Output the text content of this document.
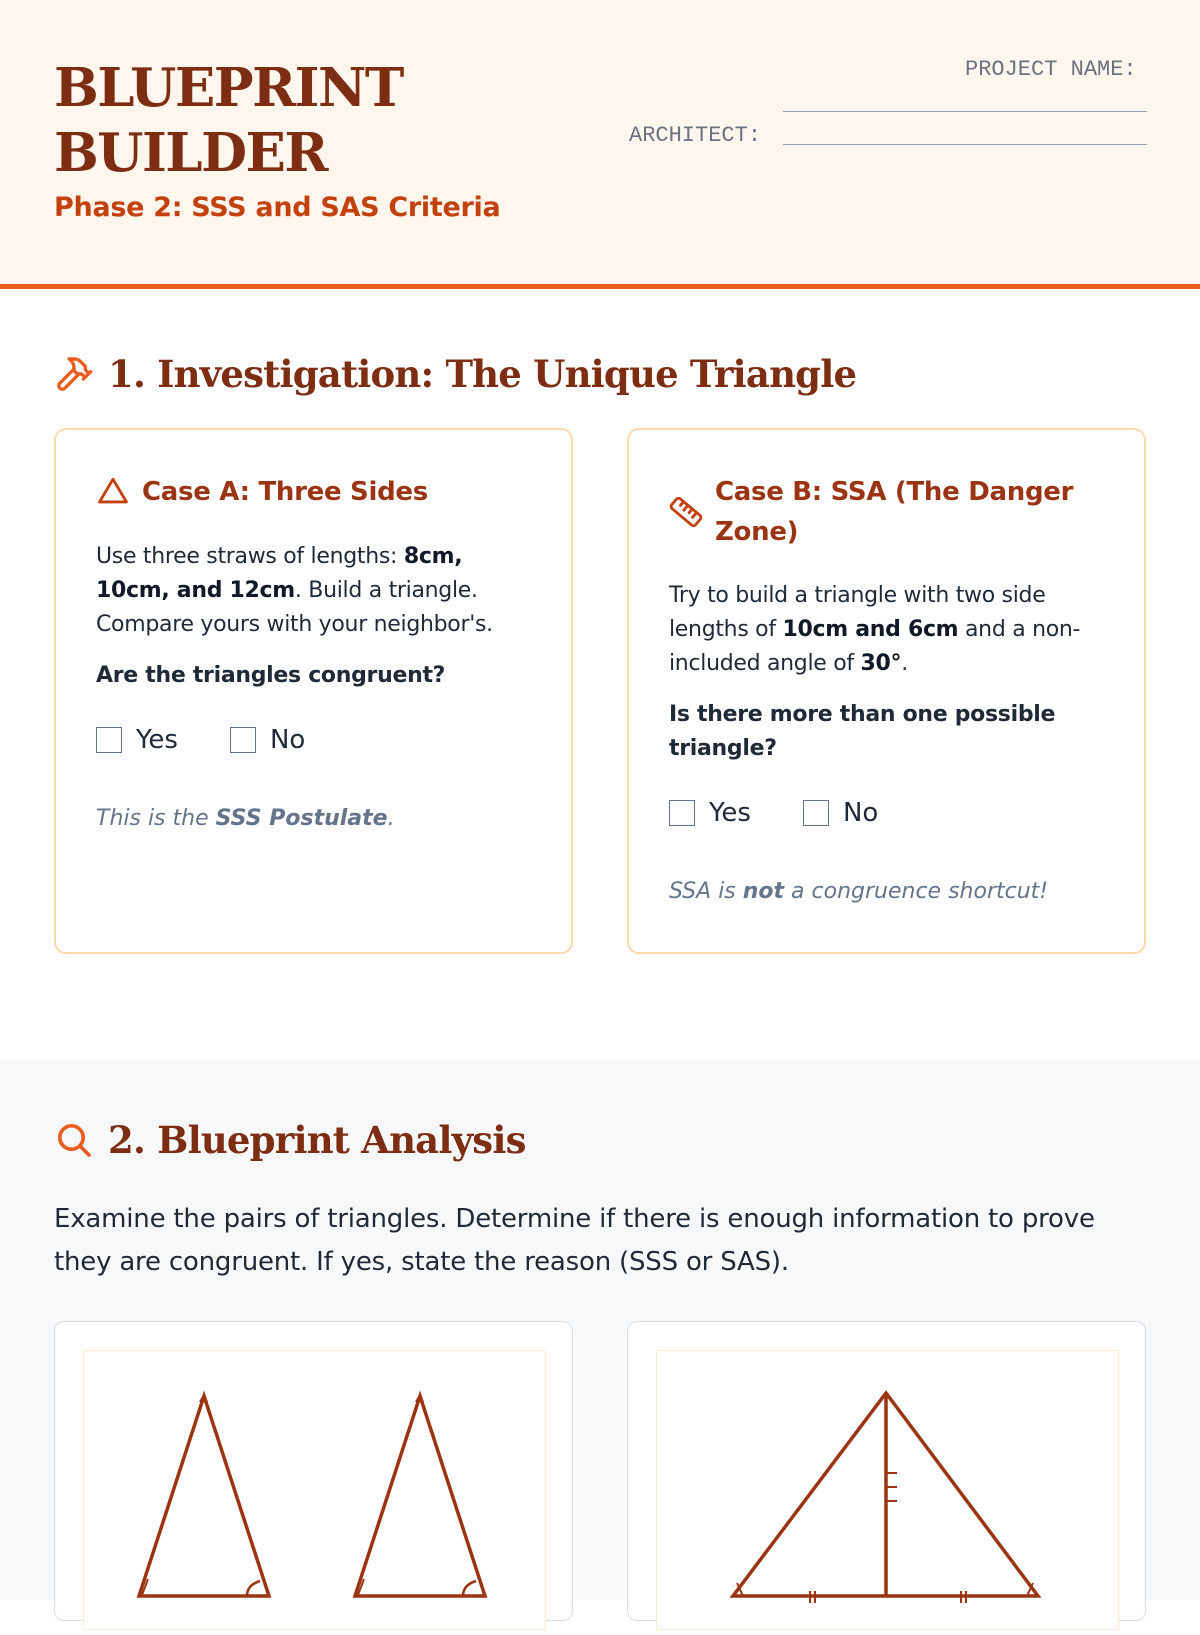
BLUEPRINT
BUILDER
Phase 2: SSS and SAS Criteria
PROJECT NAME:
ARCHITECT:
1. Investigation: The Unique Triangle
Case A: Three Sides
Use three straws of lengths: 8cm, 10cm, and 12cm. Build a triangle. Compare yours with your neighbor's.
Are the triangles congruent?
Yes	No
This is the SSS Postulate.
Case B: SSA (The Danger Zone)
Try to build a triangle with two side lengths of 10cm and 6cm and a non-included angle of 30°.
Is there more than one possible triangle?
Yes	No
SSA is not a congruence shortcut!
2. Blueprint Analysis
Examine the pairs of triangles. Determine if there is enough information to prove they are congruent. If yes, state the reason (SSS or SAS).
